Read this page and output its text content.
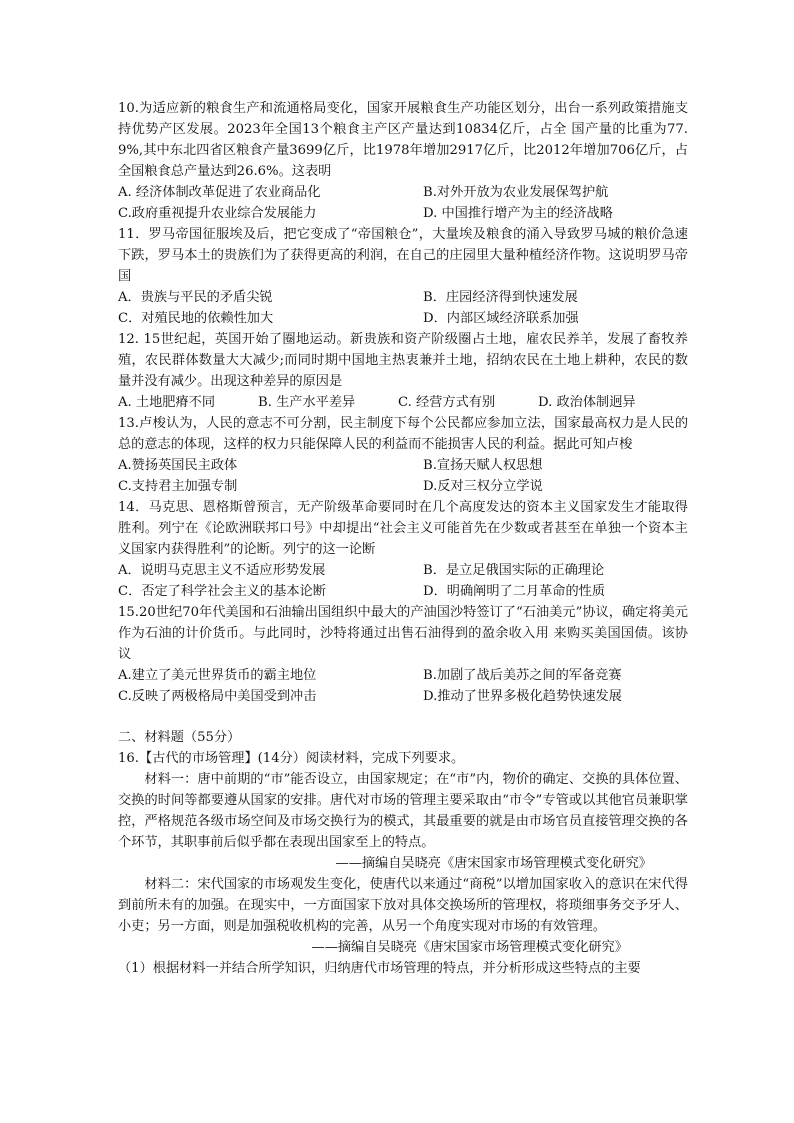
10.为适应新的粮食生产和流通格局变化，国家开展粮食生产功能区划分，出台一系列政策措施支持优势产区发展。2023年全国13个粮食主产区产量达到10834亿斤，占全 国产量的比重为77.9%,其中东北四省区粮食产量3699亿斤，比1978年增加2917亿斤，比2012年增加706亿斤，占全国粮食总产量达到26.6%。这表明

A. 经济体制改革促进了农业商品化	B.对外开放为农业发展保驾护航
C.政府重视提升农业综合发展能力	D. 中国推行增产为主的经济战略

11．罗马帝国征服埃及后，把它变成了“帝国粮仓”，大量埃及粮食的涌入导致罗马城的粮价急速下跌，罗马本土的贵族们为了获得更高的利润，在自己的庄园里大量种植经济作物。这说明罗马帝国

A．贵族与平民的矛盾尖锐	B．庄园经济得到快速发展
C．对殖民地的依赖性加大	D．内部区域经济联系加强

12. 15世纪起，英国开始了圈地运动。新贵族和资产阶级圈占土地，雇农民养羊，发展了畜牧养殖，农民群体数量大大减少;而同时期中国地主热衷兼并土地，招纳农民在土地上耕种，农民的数量并没有减少。出现这种差异的原因是

A. 土地肥瘠不同	B. 生产水平差异	C. 经营方式有别	D. 政治体制迥异

13.卢梭认为，人民的意志不可分割，民主制度下每个公民都应参加立法，国家最高权力是人民的总的意志的体现，这样的权力只能保障人民的利益而不能损害人民的利益。据此可知卢梭

A.赞扬英国民主政体	B.宣扬天赋人权思想
C.支持君主加强专制	D.反对三权分立学说

14．马克思、恩格斯曾预言，无产阶级革命要同时在几个高度发达的资本主义国家发生才能取得胜利。列宁在《论欧洲联邦口号》中却提出“社会主义可能首先在少数或者甚至在单独一个资本主义国家内获得胜利”的论断。列宁的这一论断

A．说明马克思主义不适应形势发展	B．是立足俄国实际的正确理论
C．否定了科学社会主义的基本论断	D．明确阐明了二月革命的性质

15.20世纪70年代美国和石油输出国组织中最大的产油国沙特签订了“石油美元”协议，确定将美元作为石油的计价货币。与此同时，沙特将通过出售石油得到的盈余收入用 来购买美国国债。该协议

A.建立了美元世界货币的霸主地位	B.加剧了战后美苏之间的军备竞赛
C.反映了两极格局中美国受到冲击	D.推动了世界多极化趋势快速发展

二、材料题（55分）

16.【古代的市场管理】(14分）阅读材料，完成下列要求。

材料一：唐中前期的“市”能否设立，由国家规定；在“市”内，物价的确定、交换的具体位置、交换的时间等都要遵从国家的安排。唐代对市场的管理主要采取由“市令”专管或以其他官员兼职掌控，严格规范各级市场空间及市场交换行为的模式，其最重要的就是由市场官员直接管理交换的各个环节，其职事前后似乎都在表现出国家至上的特点。

——摘编自吴晓亮《唐宋国家市场管理模式变化研究》

材料二：宋代国家的市场观发生变化，使唐代以来通过“商税”以增加国家收入的意识在宋代得到前所未有的加强。在现实中，一方面国家下放对具体交换场所的管理权，将琐细事务交予牙人、小吏；另一方面，则是加强税收机构的完善，从另一个角度实现对市场的有效管理。

——摘编自吴晓亮《唐宋国家市场管理模式变化研究》

（1）根据材料一并结合所学知识，归纳唐代市场管理的特点，并分析形成这些特点的主要
